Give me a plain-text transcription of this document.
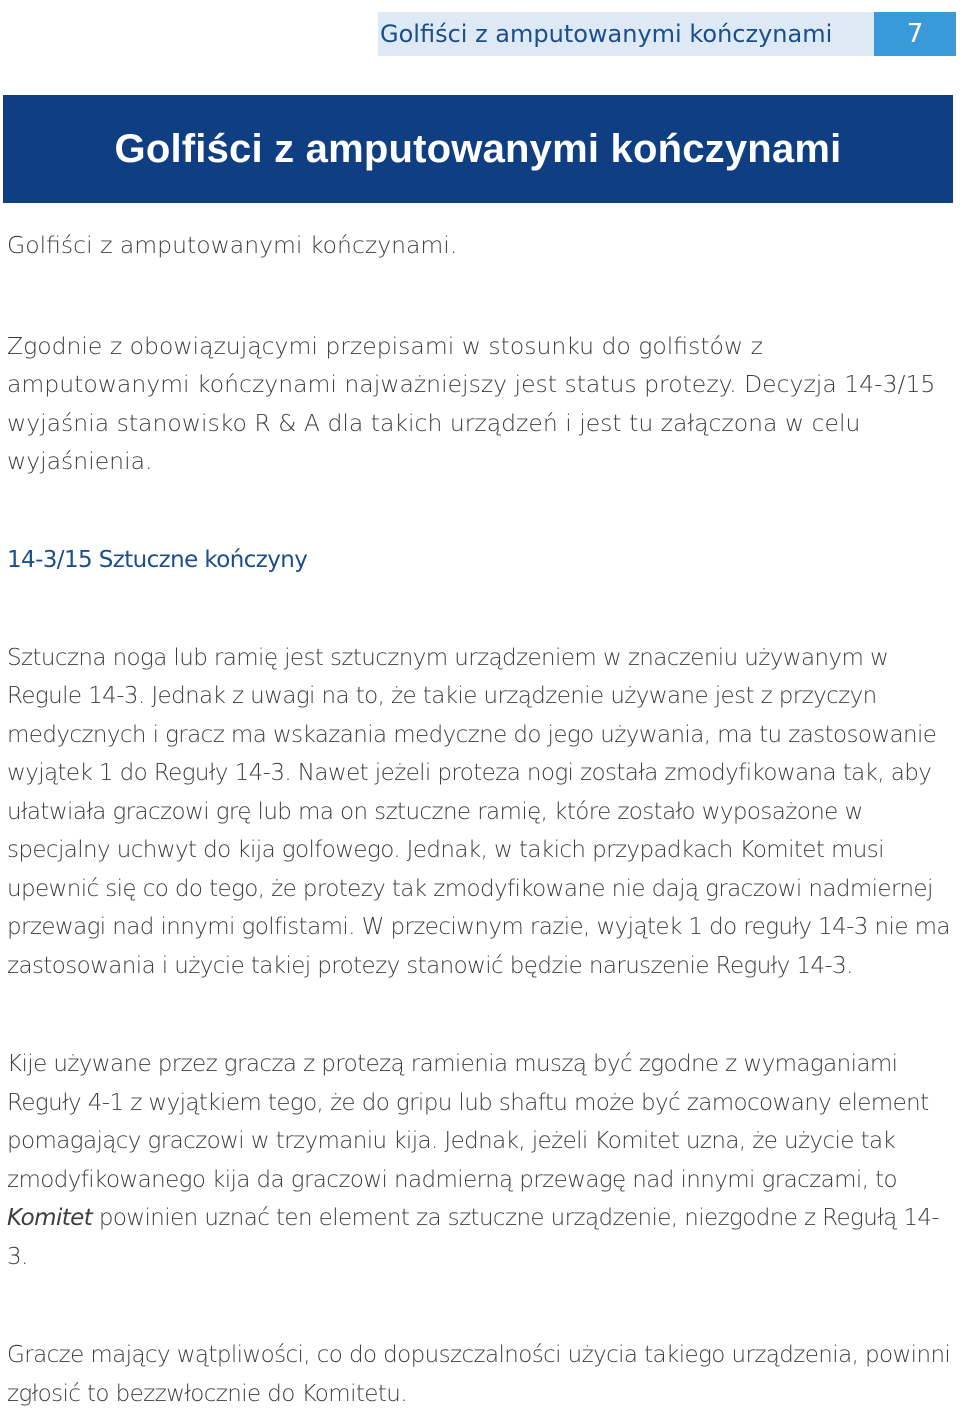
Golfiści z amputowanymi kończynami	7
Golfiści z amputowanymi kończynami

Golfiści z amputowanymi kończynami.

Zgodnie z obowiązującymi przepisami w stosunku do golfistów z amputowanymi kończynami najważniejszy jest status protezy. Decyzja 14-3/15 wyjaśnia stanowisko R & A dla takich urządzeń i jest tu załączona w celu wyjaśnienia.

14-3/15 Sztuczne kończyny

Sztuczna noga lub ramię jest sztucznym urządzeniem w znaczeniu używanym w Regule 14-3. Jednak z uwagi na to, że takie urządzenie używane jest z przyczyn medycznych i gracz ma wskazania medyczne do jego używania, ma tu zastosowanie wyjątek 1 do Reguły 14-3. Nawet jeżeli proteza nogi została zmodyfikowana tak, aby ułatwiała graczowi grę lub ma on sztuczne ramię, które zostało wyposażone w specjalny uchwyt do kija golfowego. Jednak, w takich przypadkach Komitet musi upewnić się co do tego, że protezy tak zmodyfikowane nie dają graczowi nadmiernej przewagi nad innymi golfistami. W przeciwnym razie, wyjątek 1 do reguły 14-3 nie ma zastosowania i użycie takiej protezy stanowić będzie naruszenie Reguły 14-3.

Kije używane przez gracza z protezą ramienia muszą być zgodne z wymaganiami Reguły 4-1 z wyjątkiem tego, że do gripu lub shaftu może być zamocowany element pomagający graczowi w trzymaniu kija. Jednak, jeżeli Komitet uzna, że użycie tak zmodyfikowanego kija da graczowi nadmierną przewagę nad innymi graczami, to Komitet powinien uznać ten element za sztuczne urządzenie, niezgodne z Regułą 14-3.

Gracze mający wątpliwości, co do dopuszczalności użycia takiego urządzenia, powinni zgłosić to bezzwłocznie do Komitetu.
